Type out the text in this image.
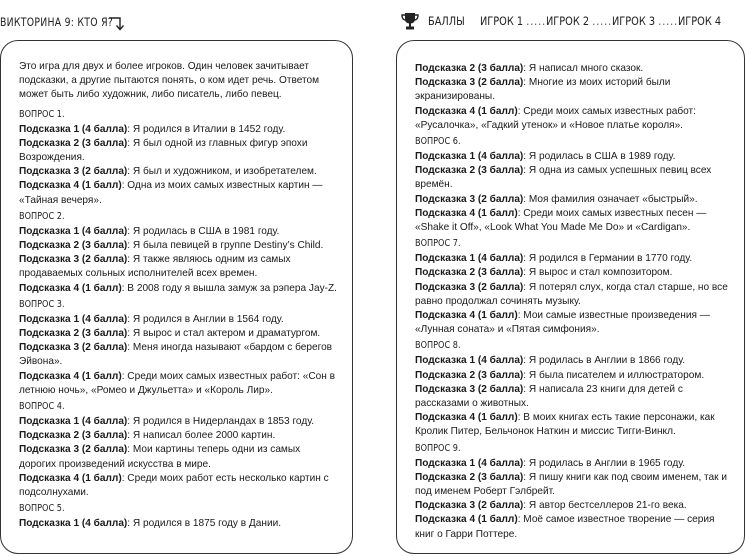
ВИКТОРИНА 9: КТО Я?	БАЛЛЫ	ИГРОК 1 ......
ИГРОК 2 ......
ИГРОК 3 ......
ИГРОК 4

Это игра для двух и более игроков. Один человек зачитывает подсказки, а другие пытаются понять, о ком идет речь. Ответом может быть либо художник, либо писатель, либо певец.

ВОПРОС 1.

Подсказка 1 (4 балла): Я родился в Италии в 1452 году.

Подсказка 2 (3 балла): Я был одной из главных фигур эпохи Возрождения.

Подсказка 3 (2 балла): Я был и художником, и изобретателем.

Подсказка 4 (1 балл): Одна из моих самых известных картин — «Тайная вечеря».

ВОПРОС 2.

Подсказка 1 (4 балла): Я родилась в США в 1981 году.

Подсказка 2 (3 балла): Я была певицей в группе Destiny’s Child.

Подсказка 3 (2 балла): Я также являюсь одним из самых продаваемых сольных исполнителей всех времен.

Подсказка 4 (1 балл): В 2008 году я вышла замуж за рэпера Jay-Z.

ВОПРОС 3.

Подсказка 1 (4 балла): Я родился в Англии в 1564 году.

Подсказка 2 (3 балла): Я вырос и стал актером и драматургом.

Подсказка 3 (2 балла): Меня иногда называют «бардом с берегов Эйвона».

Подсказка 4 (1 балл): Среди моих самых известных работ: «Сон в летнюю ночь», «Ромео и Джульетта» и «Король Лир».

ВОПРОС 4.

Подсказка 1 (4 балла): Я родился в Нидерландах в 1853 году.

Подсказка 2 (3 балла): Я написал более 2000 картин.

Подсказка 3 (2 балла): Мои картины теперь одни из самых дорогих произведений искусства в мире.

Подсказка 4 (1 балл): Среди моих работ есть несколько картин с подсолнухами.

ВОПРОС 5.

Подсказка 1 (4 балла): Я родился в 1875 году в Дании.

Подсказка 2 (3 балла): Я написал много сказок.

Подсказка 3 (2 балла): Многие из моих историй были экранизированы.

Подсказка 4 (1 балл): Среди моих самых известных работ: «Русалочка», «Гадкий утенок» и «Новое платье короля».

ВОПРОС 6.

Подсказка 1 (4 балла): Я родилась в США в 1989 году.

Подсказка 2 (3 балла): Я одна из самых успешных певиц всех времён.

Подсказка 3 (2 балла): Моя фамилия означает «быстрый».

Подсказка 4 (1 балл): Среди моих самых известных песен — «Shake it Off», «Look What You Made Me Do» и «Cardigan».

ВОПРОС 7.

Подсказка 1 (4 балла): Я родился в Германии в 1770 году.

Подсказка 2 (3 балла): Я вырос и стал композитором.

Подсказка 3 (2 балла): Я потерял слух, когда стал старше, но все равно продолжал сочинять музыку.

Подсказка 4 (1 балл): Мои самые известные произведения — «Лунная соната» и «Пятая симфония».

ВОПРОС 8.

Подсказка 1 (4 балла): Я родилась в Англии в 1866 году.

Подсказка 2 (3 балла): Я была писателем и иллюстратором.

Подсказка 3 (2 балла): Я написала 23 книги для детей с рассказами о животных.

Подсказка 4 (1 балл): В моих книгах есть такие персонажи, как Кролик Питер, Бельчонок Наткин и миссис Тигги-Винкл.

ВОПРОС 9.

Подсказка 1 (4 балла): Я родилась в Англии в 1965 году.

Подсказка 2 (3 балла): Я пишу книги как под своим именем, так и под именем Роберт Гэлбрейт.

Подсказка 3 (2 балла): Я автор бестселлеров 21-го века.

Подсказка 4 (1 балл): Моё самое известное творение — серия книг о Гарри Поттере.
